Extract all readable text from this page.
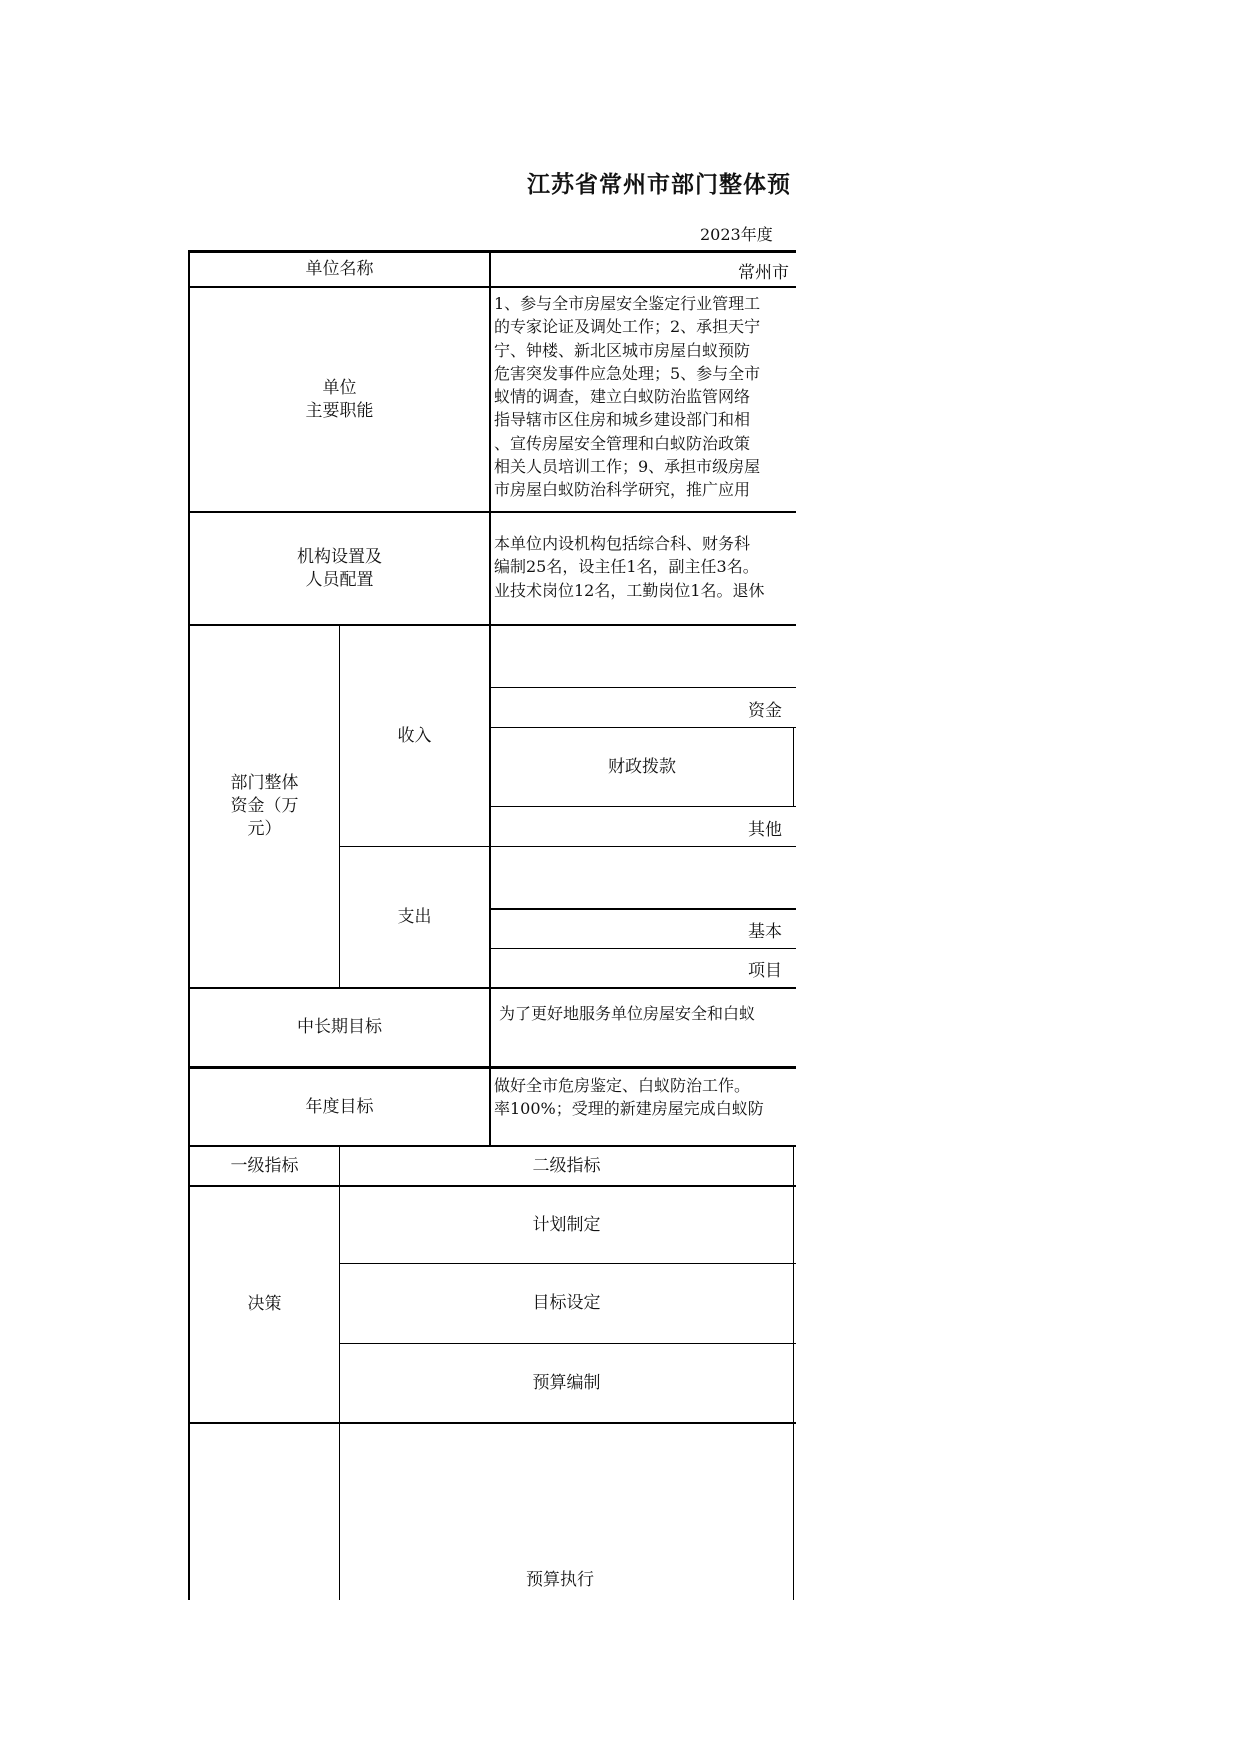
江苏省常州市部门整体预
2023年度
单位名称	常州市
单位
主要职能
1、参与全市房屋安全鉴定行业管理工
的专家论证及调处工作；2、承担天宁
宁、钟楼、新北区城市房屋白蚁预防
危害突发事件应急处理；5、参与全市
蚁情的调查，建立白蚁防治监管网络
指导辖市区住房和城乡建设部门和相
、宣传房屋安全管理和白蚁防治政策
相关人员培训工作；9、承担市级房屋
市房屋白蚁防治科学研究，推广应用
机构设置及
人员配置
本单位内设机构包括综合科、财务科
编制25名，设主任1名，副主任3名。
业技术岗位12名，工勤岗位1名。退休
部门整体
资金（万
元）
收入
资金
财政拨款
其他
支出
基本
项目
中长期目标
为了更好地服务单位房屋安全和白蚁
年度目标
做好全市危房鉴定、白蚁防治工作。
率100%；受理的新建房屋完成白蚁防
一级指标	二级指标
决策
计划制定
目标设定
预算编制
预算执行
